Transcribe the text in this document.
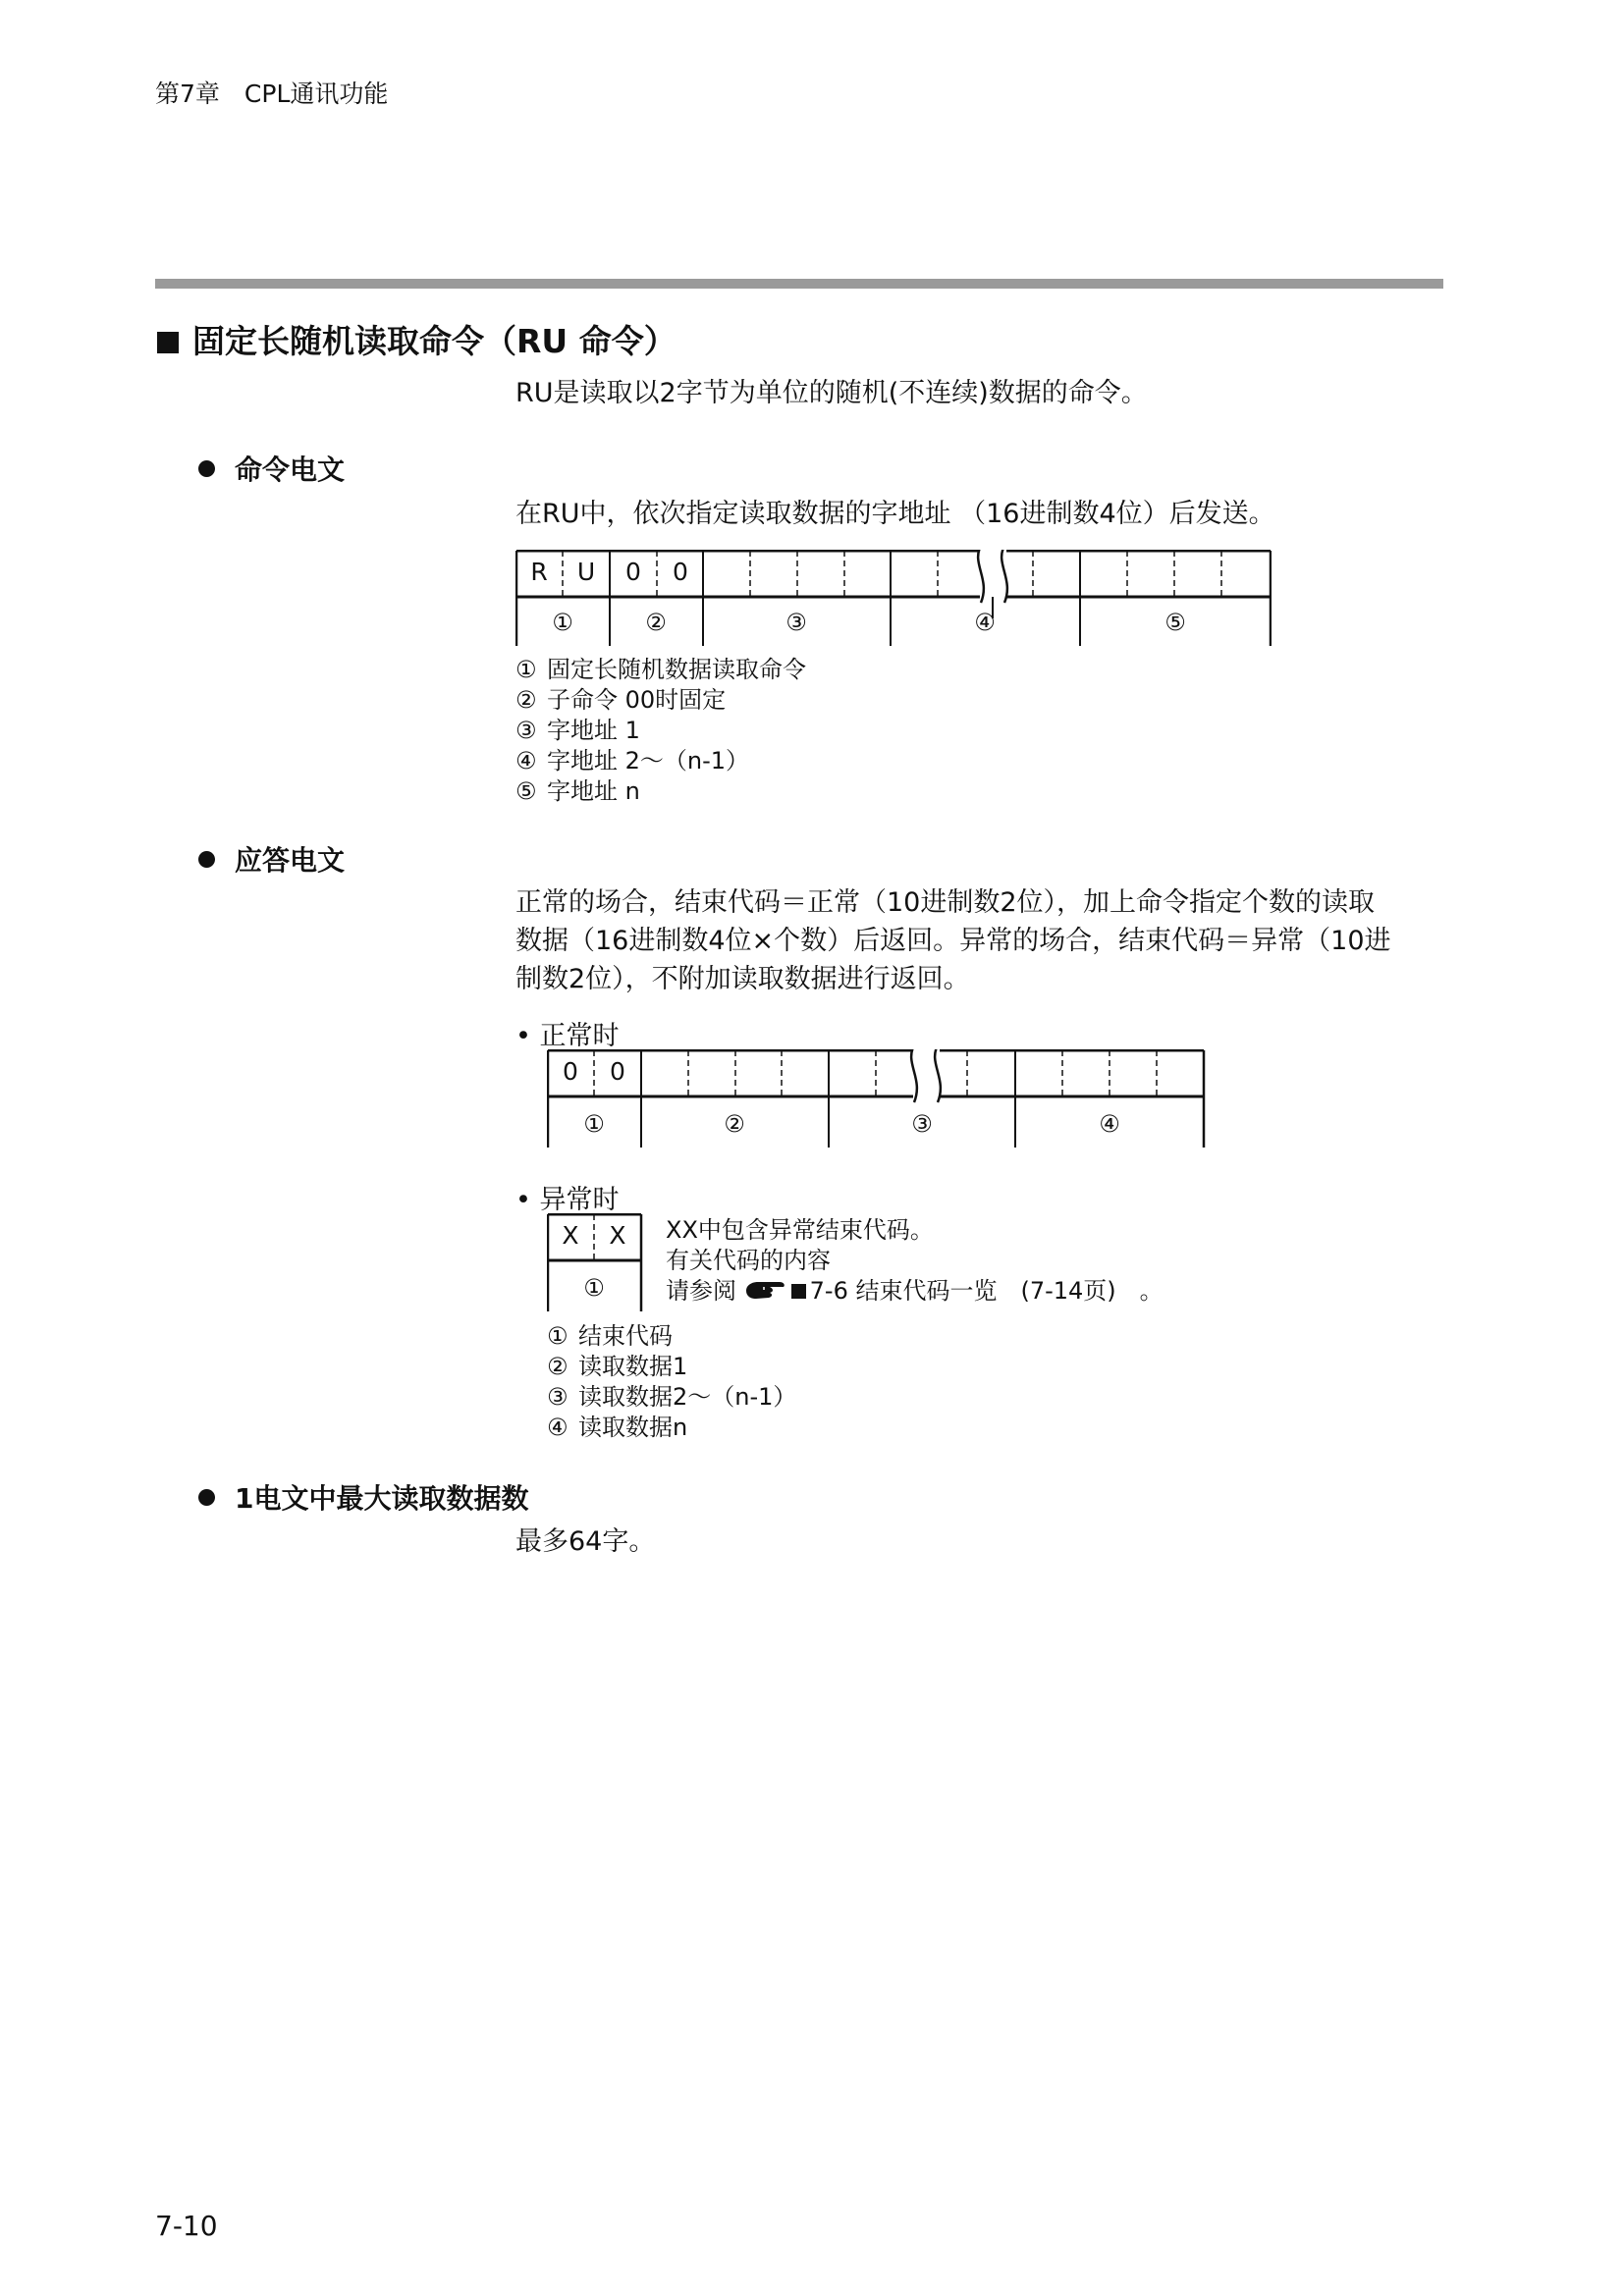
第7章　CPL通讯功能
固定长随机读取命令（RU 命令）
RU是读取以2字节为单位的随机(不连续)数据的命令。
命令电文
在RU中，依次指定读取数据的字地址 （16进制数4位）后发送。
R U	0	0
①	②	③	④	⑤
① 固定长随机数据读取命令
② 子命令 00时固定
③ 字地址 1
④ 字地址 2～（n-1）
⑤ 字地址 n
应答电文
正常的场合，结束代码＝正常（10进制数2位），加上命令指定个数的读取
数据（16进制数4位×个数）后返回。异常的场合，结束代码＝异常（10进
制数2位），不附加读取数据进行返回。
• 正常时
0	0
①	②	③	④
• 异常时
X X
①
XX中包含异常结束代码。
有关代码的内容
请参阅	7-6 结束代码一览　(7-14页)　。
① 结束代码
② 读取数据1
③ 读取数据2～（n-1）
④ 读取数据n
1电文中最大读取数据数
最多64字。
7-10
